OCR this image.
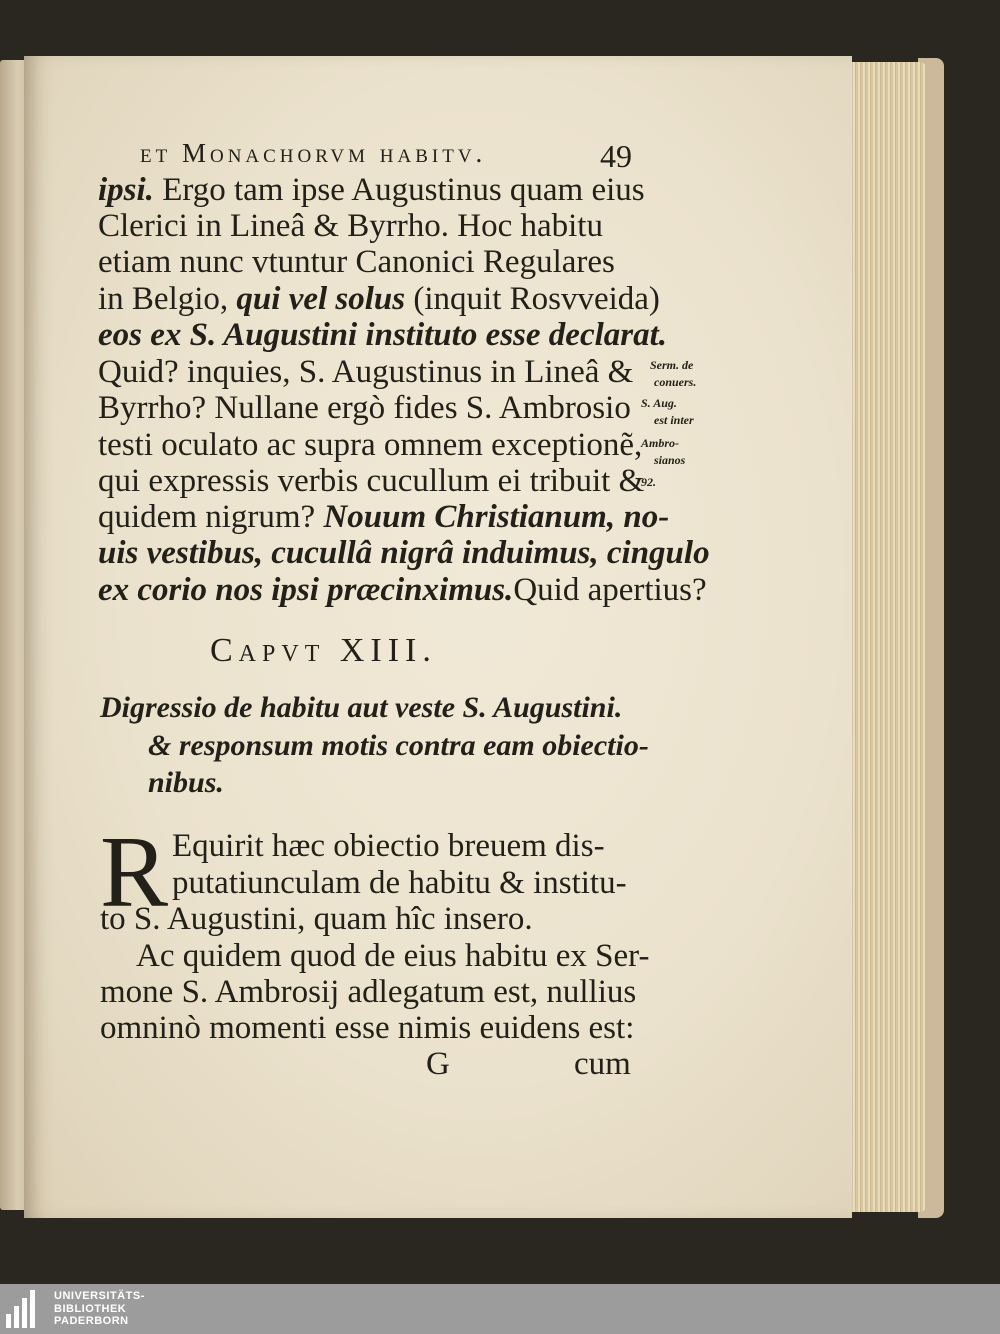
et Monachorvm habitv.	49
ipsi. Ergo tam ipse Augustinus quam eius
Clerici in Lineâ & Byrrho. Hoc habitu
etiam nunc vtuntur Canonici Regulares
in Belgio, qui vel solus (inquit Rosvveida)
eos ex S. Augustini instituto esse declarat.
Quid? inquies, S. Augustinus in Lineâ &
Byrrho? Nullane ergò fides S. Ambrosio
testi oculato ac supra omnem exceptionẽ,
qui expressis verbis cucullum ei tribuit &
quidem nigrum? Nouum Christianum, no-
uis vestibus, cucullâ nigrâ induimus, cingulo
ex corio nos ipsi præcinximus.Quid apertius?
Serm. de
conuers.
S. Aug.
est inter
Ambro-
sianos
92.
Capvt XIII.
Digressio de habitu aut veste S. Augustini.
& responsum motis contra eam obiectio-
nibus.
R Equirit hæc obiectio breuem dis-
putatiunculam de habitu & institu-
to S. Augustini, quam hîc insero.
Ac quidem quod de eius habitu ex Ser-
mone S. Ambrosij adlegatum est, nullius
omninò momenti esse nimis euidens est:
G	cum
UNIVERSITÄTS-
BIBLIOTHEK
PADERBORN
